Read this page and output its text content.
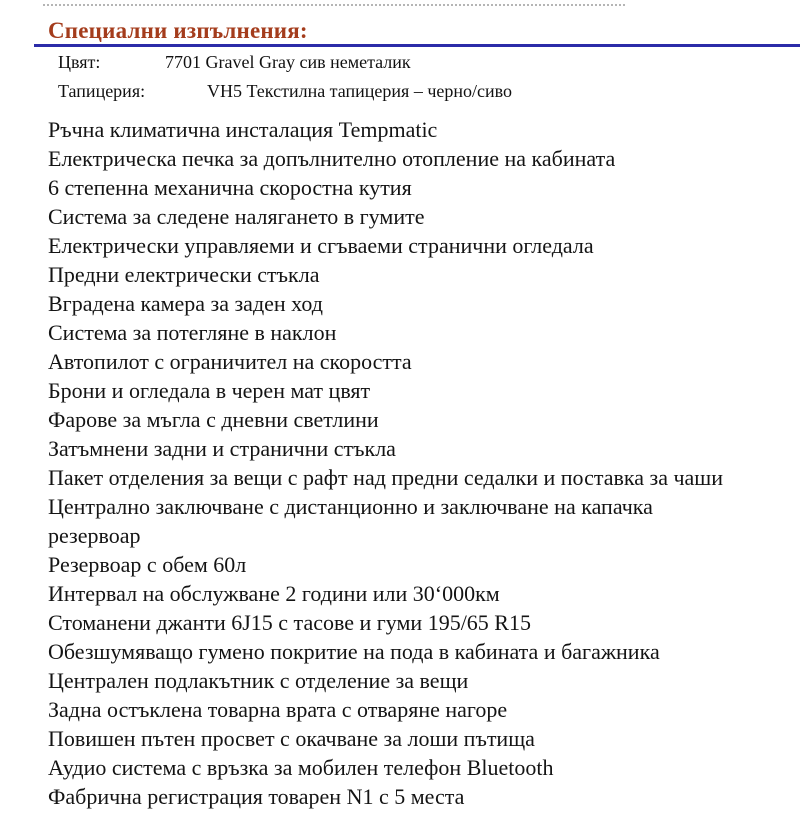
Специални изпълнения:
Цвят:	7701 Gravel Gray сив неметалик
Тапицерия:	VH5 Текстилна тапицерия – черно/сиво
Ръчна климатична инсталация Tempmatic
Електрическа печка за допълнително отопление на кабината
6 степенна механична скоростна кутия
Система за следене налягането в гумите
Електрически управляеми и сгъваеми странични огледала
Предни електрически стъкла
Вградена камера за заден ход
Система за потегляне в наклон
Автопилот с ограничител на скоростта
Брони и огледала в черен мат цвят
Фарове за мъгла с дневни светлини
Затъмнени задни и странични стъкла
Пакет отделения за вещи с рафт над предни седалки и поставка за чаши
Централно заключване с дистанционно и заключване на капачка
резервоар
Резервоар с обем 60л
Интервал на обслужване 2 години или 30‘000км
Стоманени джанти 6J15 с тасове и гуми 195/65 R15
Обезшумяващо гумено покритие на пода в кабината и багажника
Централен подлакътник с отделение за вещи
Задна остъклена товарна врата с отваряне нагоре
Повишен пътен просвет с окачване за лоши пътища
Аудио система с връзка за мобилен телефон Bluetooth
Фабрична регистрация товарен N1 с 5 места
